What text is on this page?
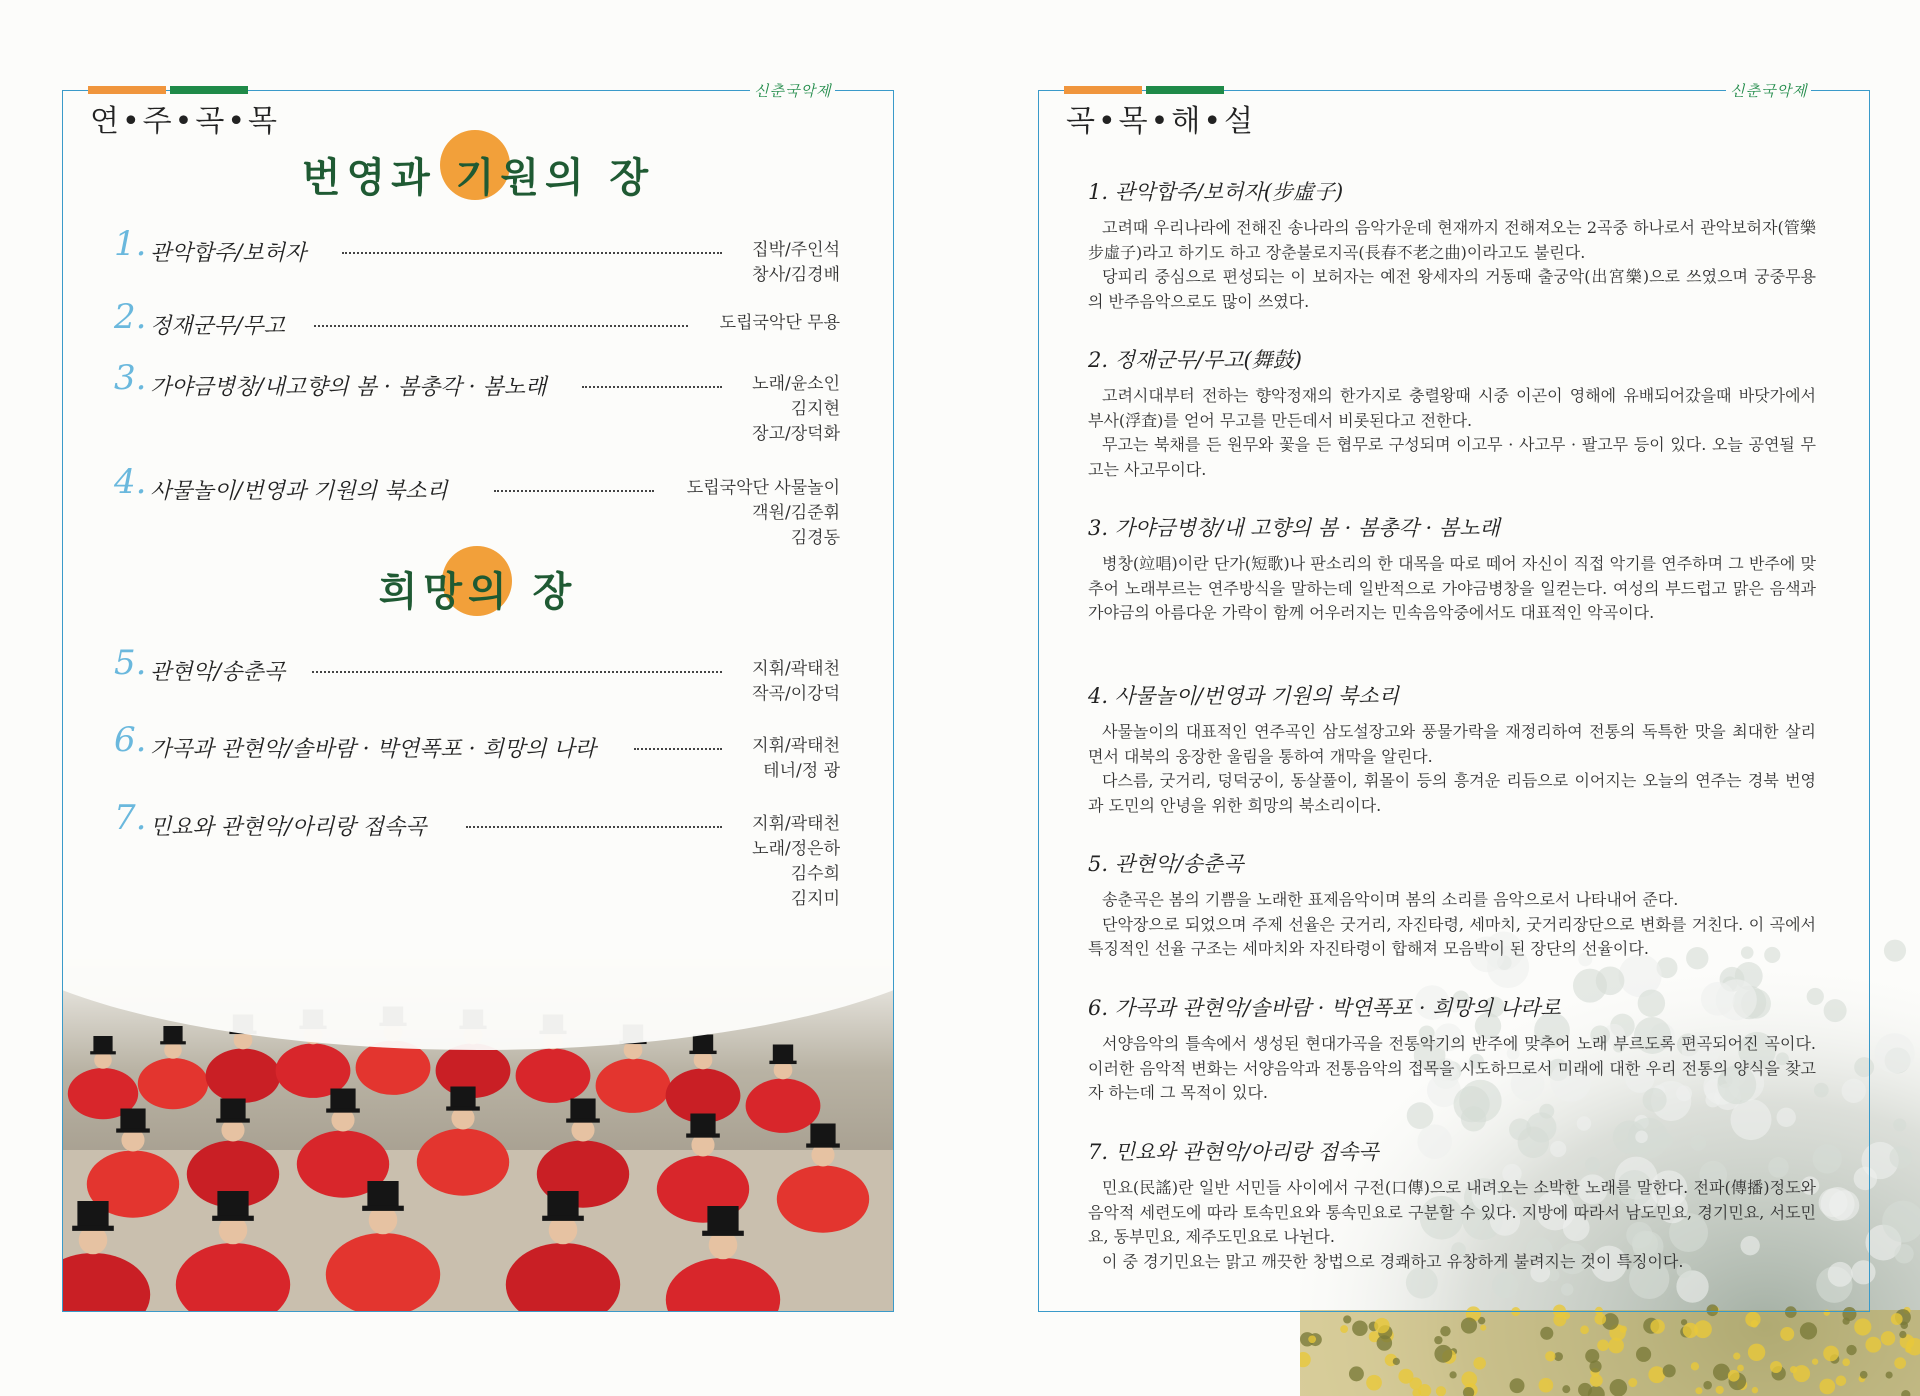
신춘국악제
연•주•곡•목
번영과 기원의 장
희망의 장
1. 관악합주/보허자	집박/주인석
창사/김경배
2. 정재군무/무고	도립국악단 무용
3. 가야금병창/내고향의 봄 · 봄총각 · 봄노래	노래/윤소인
김지현
장고/장덕화
4. 사물놀이/번영과 기원의 북소리	도립국악단 사물놀이
객원/김준휘
김경동
5. 관현악/송춘곡	지휘/곽태천
작곡/이강덕
6. 가곡과 관현악/솔바람 · 박연폭포 · 희망의 나라	지휘/곽태천
테너/정 광
7. 민요와 관현악/아리랑 접속곡	지휘/곽태천
노래/정은하
김수희
김지미
신춘국악제
곡•목•해•설
1. 관악합주/보허자(步虛子)

고려때 우리나라에 전해진 송나라의 음악가운데 현재까지 전해져오는 2곡중 하나로서 관악보허자(管樂步虛子)라고 하기도 하고 장춘불로지곡(長春不老之曲)이라고도 불린다.

당피리 중심으로 편성되는 이 보허자는 예전 왕세자의 거동때 출궁악(出宮樂)으로 쓰였으며 궁중무용의 반주음악으로도 많이 쓰였다.

2. 정재군무/무고(舞鼓)

고려시대부터 전하는 향악정재의 한가지로 충렬왕때 시중 이곤이 영해에 유배되어갔을때 바닷가에서 부사(浮査)를 얻어 무고를 만든데서 비롯된다고 전한다.

무고는 북채를 든 원무와 꽃을 든 협무로 구성되며 이고무 · 사고무 · 팔고무 등이 있다. 오늘 공연될 무고는 사고무이다.

3. 가야금병창/내 고향의 봄 · 봄총각 · 봄노래

병창(竝唱)이란 단가(短歌)나 판소리의 한 대목을 따로 떼어 자신이 직접 악기를 연주하며 그 반주에 맞추어 노래부르는 연주방식을 말하는데 일반적으로 가야금병창을 일컫는다. 여성의 부드럽고 맑은 음색과 가야금의 아름다운 가락이 함께 어우러지는 민속음악중에서도 대표적인 악곡이다.

4. 사물놀이/번영과 기원의 북소리

사물놀이의 대표적인 연주곡인 삼도설장고와 풍물가락을 재정리하여 전통의 독특한 맛을 최대한 살리면서 대북의 웅장한 울림을 통하여 개막을 알린다.

다스름, 굿거리, 덩덕궁이, 동살풀이, 휘몰이 등의 흥겨운 리듬으로 이어지는 오늘의 연주는 경북 번영과 도민의 안녕을 위한 희망의 북소리이다.

5. 관현악/송춘곡

송춘곡은 봄의 기쁨을 노래한 표제음악이며 봄의 소리를 음악으로서 나타내어 준다.

단악장으로 되었으며 주제 선율은 굿거리, 자진타령, 세마치, 굿거리장단으로 변화를 거친다. 이 곡에서 특징적인 선율 구조는 세마치와 자진타령이 합해져 모음박이 된 장단의 선율이다.

6. 가곡과 관현악/솔바람 · 박연폭포 · 희망의 나라로

서양음악의 틀속에서 생성된 현대가곡을 전통악기의 반주에 맞추어 노래 부르도록 편곡되어진 곡이다. 이러한 음악적 변화는 서양음악과 전통음악의 접목을 시도하므로서 미래에 대한 우리 전통의 양식을 찾고자 하는데 그 목적이 있다.

7. 민요와 관현악/아리랑 접속곡

민요(民謠)란 일반 서민들 사이에서 구전(口傳)으로 내려오는 소박한 노래를 말한다. 전파(傳播)정도와 음악적 세련도에 따라 토속민요와 통속민요로 구분할 수 있다. 지방에 따라서 남도민요, 경기민요, 서도민요, 동부민요, 제주도민요로 나뉜다.

이 중 경기민요는 맑고 깨끗한 창법으로 경쾌하고 유창하게 불려지는 것이 특징이다.
